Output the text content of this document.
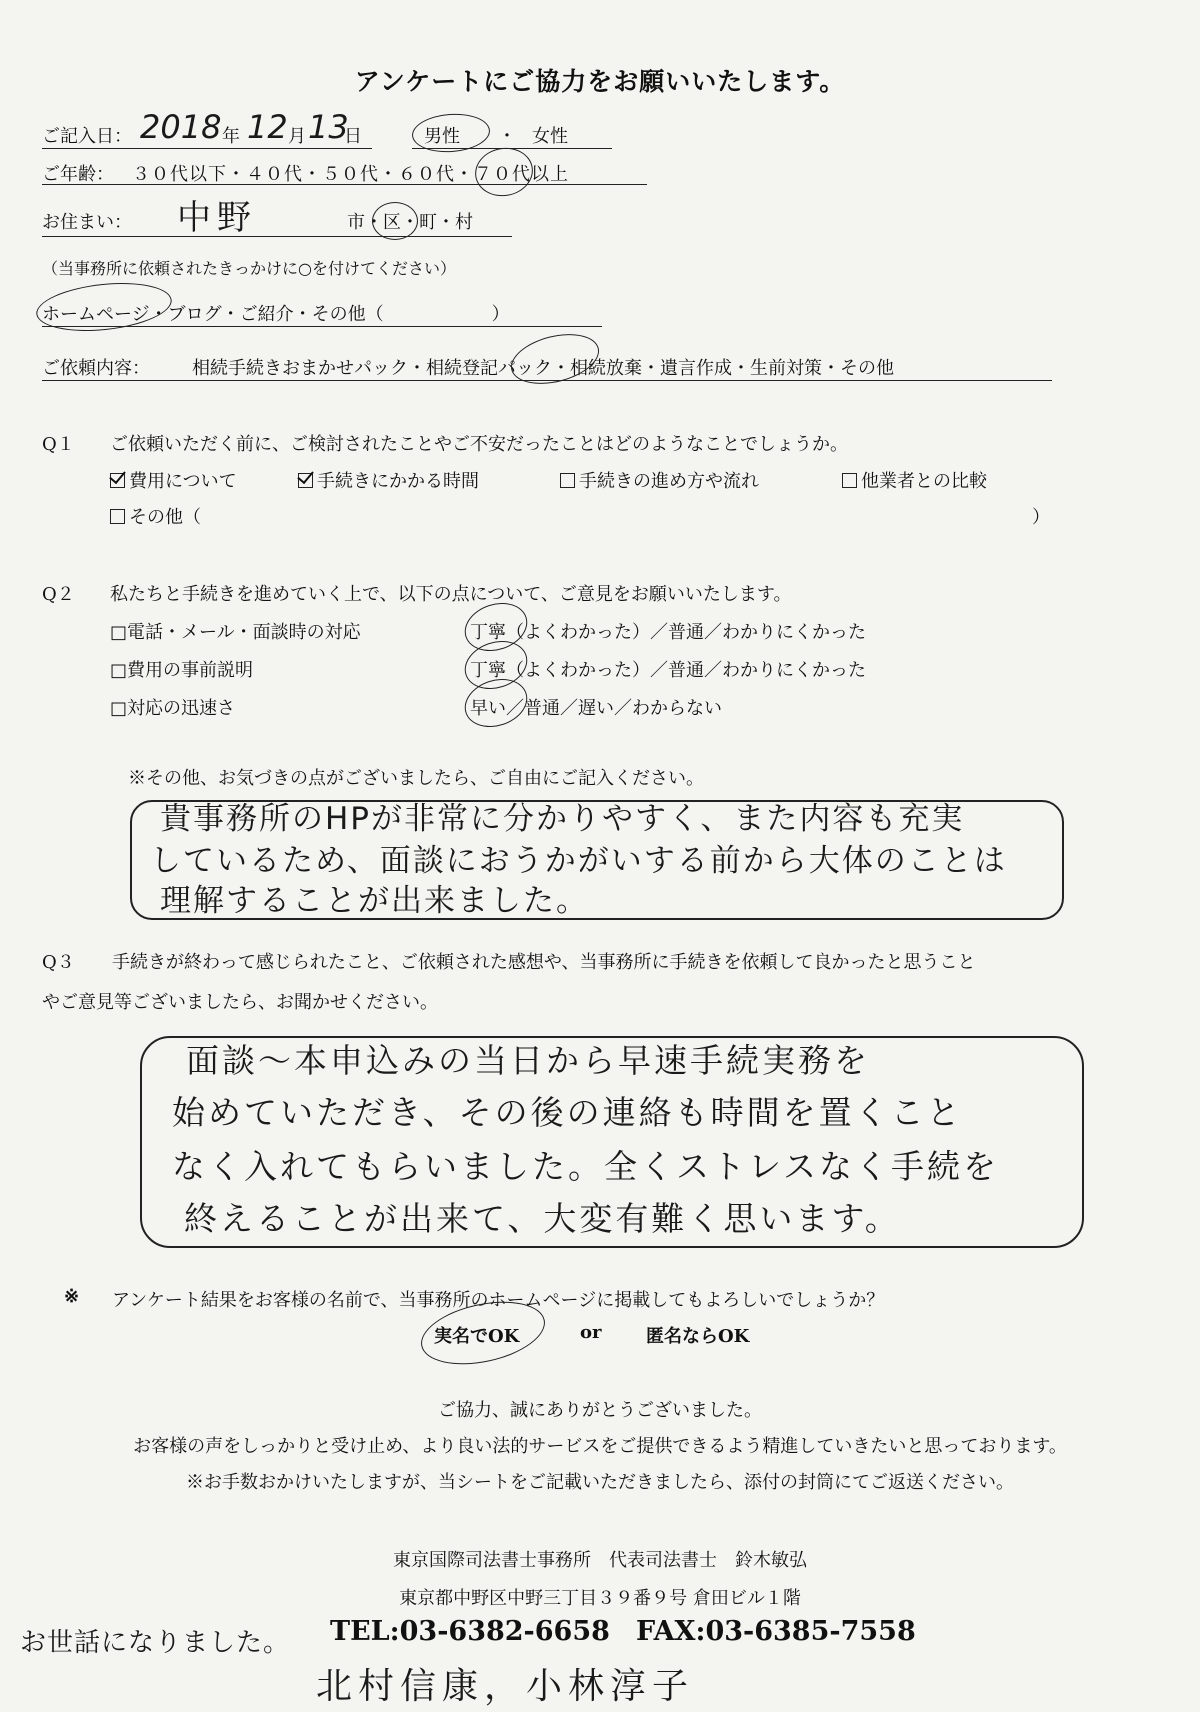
アンケートにご協力をお願いいたします。
ご記入日： 2018 年 12 月 13
日	男性 ・ 女性
ご年齢： ３０代以下・４０代・５０代・６０代・７０代以上
お住まい： 中野	市・区・町・村
（当事務所に依頼されたきっかけに○を付けてください）
ホームページ・ブログ・ご紹介・その他（　　　　　　）
ご依頼内容： 相続手続きおまかせパック・相続登記パック・相続放棄・遺言作成・生前対策・その他
Q１ ご依頼いただく前に、ご検討されたことやご不安だったことはどのようなことでしょうか。
費用について	手続きにかかる時間	手続きの進め方や流れ	他業者との比較
その他（	）
Q２ 私たちと手続きを進めていく上で、以下の点について、ご意見をお願いいたします。
□電話・メール・面談時の対応	丁寧（よくわかった）／普通／わかりにくかった
□費用の事前説明	丁寧（よくわかった）／普通／わかりにくかった
□対応の迅速さ	早い／普通／遅い／わからない
※その他、お気づきの点がございましたら、ご自由にご記入ください。
貴事務所のHPが非常に分かりやすく、また内容も充実
しているため、面談におうかがいする前から大体のことは
理解することが出来ました。
Q３ 手続きが終わって感じられたこと、ご依頼された感想や、当事務所に手続きを依頼して良かったと思うこと
やご意見等ございましたら、お聞かせください。
面談～本申込みの当日から早速手続実務を
始めていただき、その後の連絡も時間を置くこと
なく入れてもらいました。全くストレスなく手続を
終えることが出来て、大変有難く思います。
※ アンケート結果をお客様の名前で、当事務所のホームページに掲載してもよろしいでしょうか？
実名でOK	or 匿名ならOK
ご協力、誠にありがとうございました。
お客様の声をしっかりと受け止め、より良い法的サービスをご提供できるよう精進していきたいと思っております。
※お手数おかけいたしますが、当シートをご記載いただきましたら、添付の封筒にてご返送ください。
東京国際司法書士事務所　代表司法書士　鈴木敏弘
東京都中野区中野三丁目３９番９号 倉田ビル１階
TEL:03-6382-6658 FAX:03-6385-7558
お世話になりました。
北村信康，小林淳子
